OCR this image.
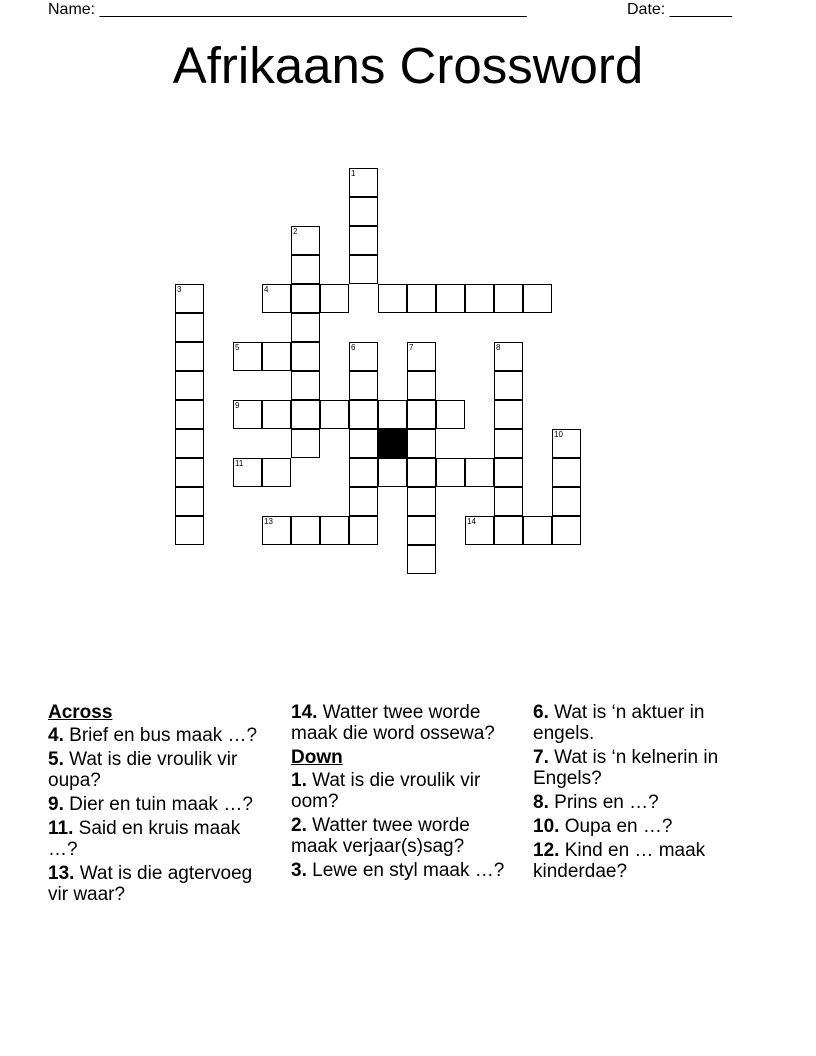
Name: ________________________________________________	Date: _______
Afrikaans Crossword
1
2
3	4
5	6	7	8
9
10
11
13	14
Across
4. Brief en bus maak …?
5. Wat is die vroulik vir oupa?
9. Dier en tuin maak …?
11. Said en kruis maak …?
13. Wat is die agtervoeg vir waar?
14. Watter twee worde maak die word ossewa?
Down
1. Wat is die vroulik vir oom?
2. Watter twee worde maak verjaar(s)sag?
3. Lewe en styl maak …?
6. Wat is ‘n aktuer in engels.
7. Wat is ‘n kelnerin in Engels?
8. Prins en …?
10. Oupa en …?
12. Kind en … maak kinderdae?
